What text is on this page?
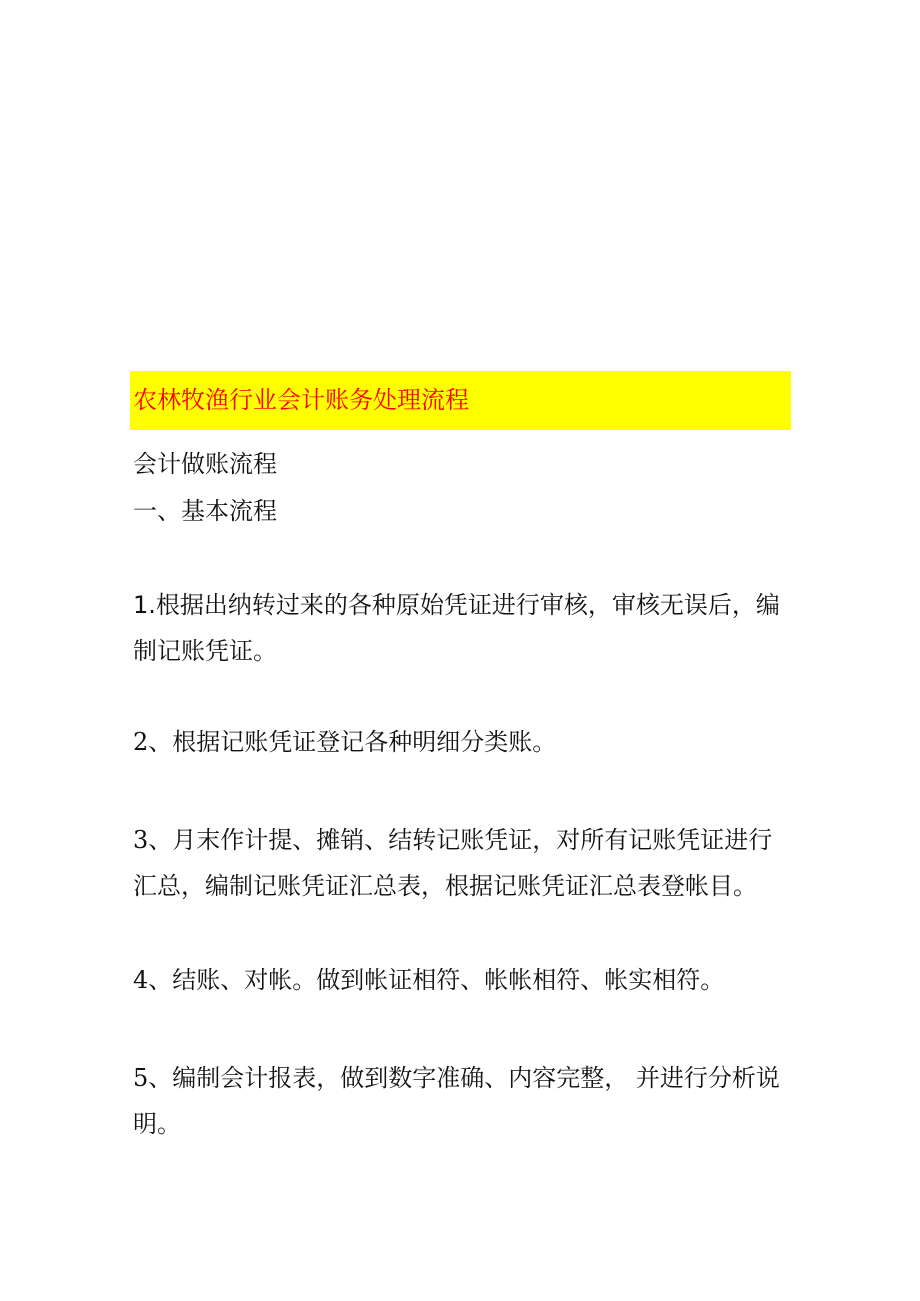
农林牧渔行业会计账务处理流程
会计做账流程
一、基本流程
1.根据出纳转过来的各种原始凭证进行审核，审核无误后，编制记账凭证。
2、根据记账凭证登记各种明细分类账。
3、月末作计提、摊销、结转记账凭证，对所有记账凭证进行汇总，编制记账凭证汇总表，根据记账凭证汇总表登帐目。
4、结账、对帐。做到帐证相符、帐帐相符、帐实相符。
5、编制会计报表，做到数字准确、内容完整， 并进行分析说明。
